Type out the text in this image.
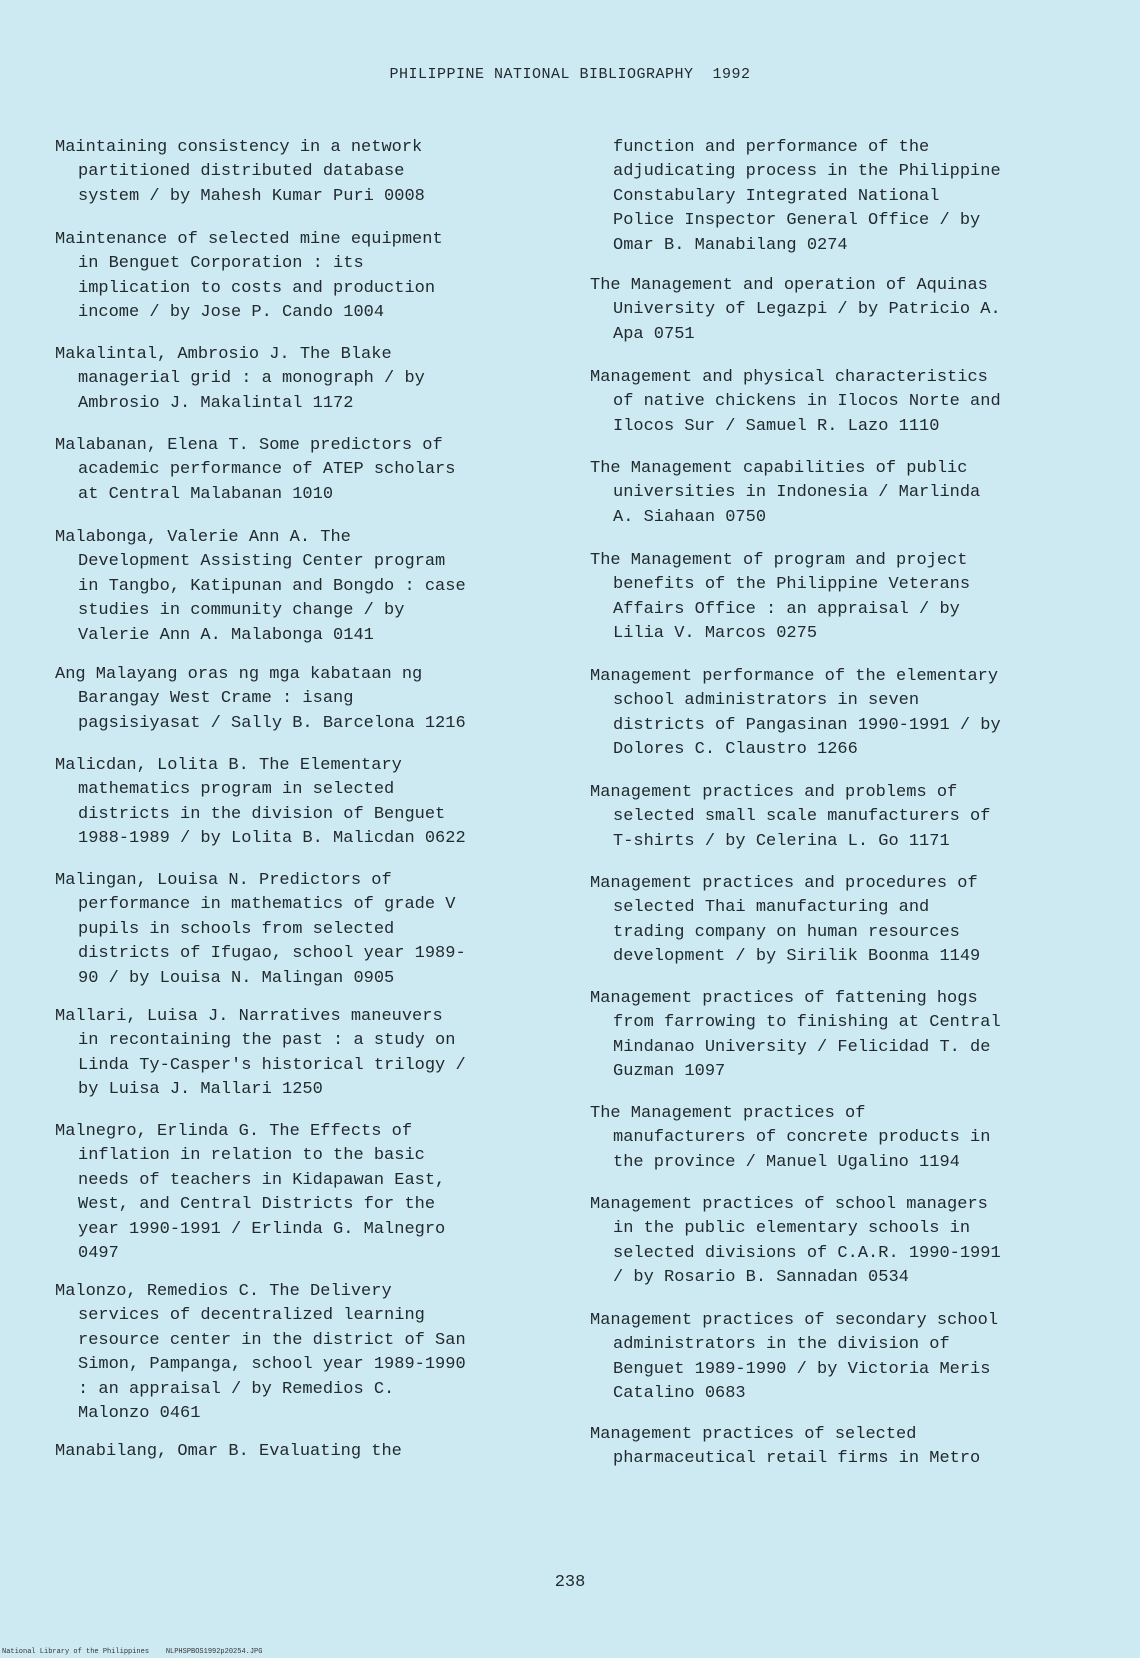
PHILIPPINE NATIONAL BIBLIOGRAPHY  1992
Maintaining consistency in a network
partitioned distributed database
system / by Mahesh Kumar Puri 0008
Maintenance of selected mine equipment
in Benguet Corporation : its
implication to costs and production
income / by Jose P. Cando 1004
Makalintal, Ambrosio J. The Blake
managerial grid : a monograph / by
Ambrosio J. Makalintal 1172
Malabanan, Elena T. Some predictors of
academic performance of ATEP scholars
at Central Malabanan 1010
Malabonga, Valerie Ann A. The
Development Assisting Center program
in Tangbo, Katipunan and Bongdo : case
studies in community change / by
Valerie Ann A. Malabonga 0141
Ang Malayang oras ng mga kabataan ng
Barangay West Crame : isang
pagsisiyasat / Sally B. Barcelona 1216
Malicdan, Lolita B. The Elementary
mathematics program in selected
districts in the division of Benguet
1988-1989 / by Lolita B. Malicdan 0622
Malingan, Louisa N. Predictors of
performance in mathematics of grade V
pupils in schools from selected
districts of Ifugao, school year 1989-
90 / by Louisa N. Malingan 0905
Mallari, Luisa J. Narratives maneuvers
in recontaining the past : a study on
Linda Ty-Casper's historical trilogy /
by Luisa J. Mallari 1250
Malnegro, Erlinda G. The Effects of
inflation in relation to the basic
needs of teachers in Kidapawan East,
West, and Central Districts for the
year 1990-1991 / Erlinda G. Malnegro
0497
Malonzo, Remedios C. The Delivery
services of decentralized learning
resource center in the district of San
Simon, Pampanga, school year 1989-1990
: an appraisal / by Remedios C.
Malonzo 0461
Manabilang, Omar B. Evaluating the
function and performance of the
adjudicating process in the Philippine
Constabulary Integrated National
Police Inspector General Office / by
Omar B. Manabilang 0274
The Management and operation of Aquinas
University of Legazpi / by Patricio A.
Apa 0751
Management and physical characteristics
of native chickens in Ilocos Norte and
Ilocos Sur / Samuel R. Lazo 1110
The Management capabilities of public
universities in Indonesia / Marlinda
A. Siahaan 0750
The Management of program and project
benefits of the Philippine Veterans
Affairs Office : an appraisal / by
Lilia V. Marcos 0275
Management performance of the elementary
school administrators in seven
districts of Pangasinan 1990-1991 / by
Dolores C. Claustro 1266
Management practices and problems of
selected small scale manufacturers of
T-shirts / by Celerina L. Go 1171
Management practices and procedures of
selected Thai manufacturing and
trading company on human resources
development / by Sirilik Boonma 1149
Management practices of fattening hogs
from farrowing to finishing at Central
Mindanao University / Felicidad T. de
Guzman 1097
The Management practices of
manufacturers of concrete products in
the province / Manuel Ugalino 1194
Management practices of school managers
in the public elementary schools in
selected divisions of C.A.R. 1990-1991
/ by Rosario B. Sannadan 0534
Management practices of secondary school
administrators in the division of
Benguet 1989-1990 / by Victoria Meris
Catalino 0683
Management practices of selected
pharmaceutical retail firms in Metro
238
National Library of the Philippines    NLPHSPBOS1992p20254.JPG
